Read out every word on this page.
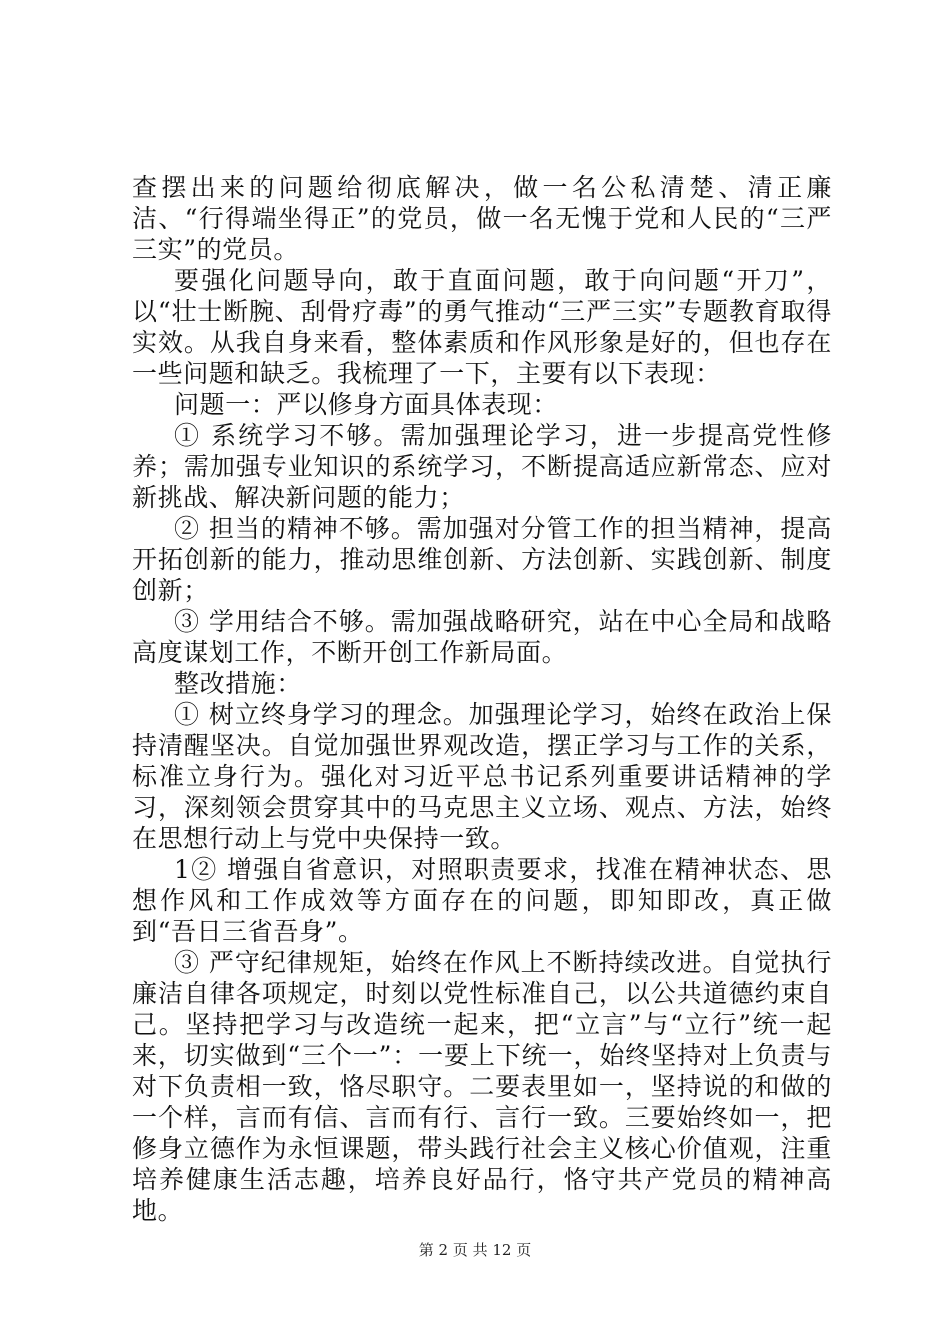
查摆出来的问题给彻底解决，做一名公私清楚、清正廉洁、“行得端坐得正”的党员，做一名无愧于党和人民的“三严三实”的党员。

要强化问题导向，敢于直面问题，敢于向问题“开刀”，以“壮士断腕、刮骨疗毒”的勇气推动“三严三实”专题教育取得实效。从我自身来看，整体素质和作风形象是好的，但也存在一些问题和缺乏。我梳理了一下，主要有以下表现：

问题一：严以修身方面具体表现：

① 系统学习不够。需加强理论学习，进一步提高党性修养；需加强专业知识的系统学习，不断提高适应新常态、应对新挑战、解决新问题的能力；

② 担当的精神不够。需加强对分管工作的担当精神，提高开拓创新的能力，推动思维创新、方法创新、实践创新、制度创新；

③ 学用结合不够。需加强战略研究，站在中心全局和战略高度谋划工作，不断开创工作新局面。

整改措施：

① 树立终身学习的理念。加强理论学习，始终在政治上保持清醒坚决。自觉加强世界观改造，摆正学习与工作的关系，标准立身行为。强化对习近平总书记系列重要讲话精神的学习，深刻领会贯穿其中的马克思主义立场、观点、方法，始终在思想行动上与党中央保持一致。

1② 增强自省意识，对照职责要求，找准在精神状态、思想作风和工作成效等方面存在的问题，即知即改，真正做到“吾日三省吾身”。

③ 严守纪律规矩，始终在作风上不断持续改进。自觉执行廉洁自律各项规定，时刻以党性标准自己，以公共道德约束自己。坚持把学习与改造统一起来，把“立言”与“立行”统一起来，切实做到“三个一”：一要上下统一，始终坚持对上负责与对下负责相一致，恪尽职守。二要表里如一，坚持说的和做的一个样，言而有信、言而有行、言行一致。三要始终如一，把修身立德作为永恒课题，带头践行社会主义核心价值观，注重培养健康生活志趣，培养良好品行，恪守共产党员的精神高地。

第 2 页 共 12 页
